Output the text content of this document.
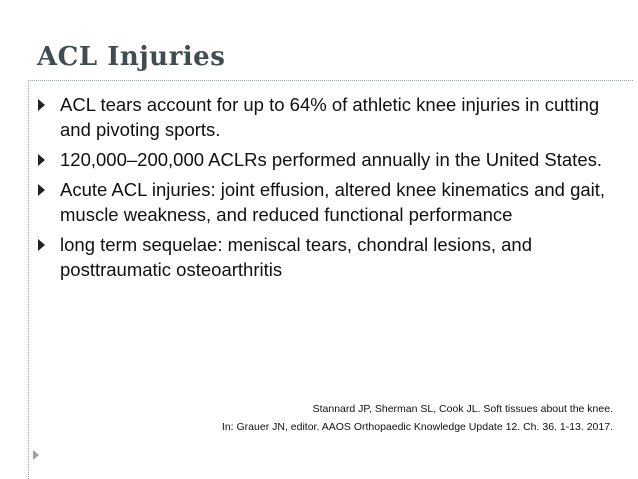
ACL Injuries
ACL tears account for up to 64% of athletic knee injuries in cutting and pivoting sports.
120,000–200,000 ACLRs performed annually in the United States.
Acute ACL injuries: joint effusion, altered knee kinematics and gait, muscle weakness, and reduced functional performance
long term sequelae: meniscal tears, chondral lesions, and posttraumatic osteoarthritis
Stannard JP, Sherman SL, Cook JL. Soft tissues about the knee.
In: Grauer JN, editor. AAOS Orthopaedic Knowledge Update 12. Ch. 36. 1-13. 2017.
